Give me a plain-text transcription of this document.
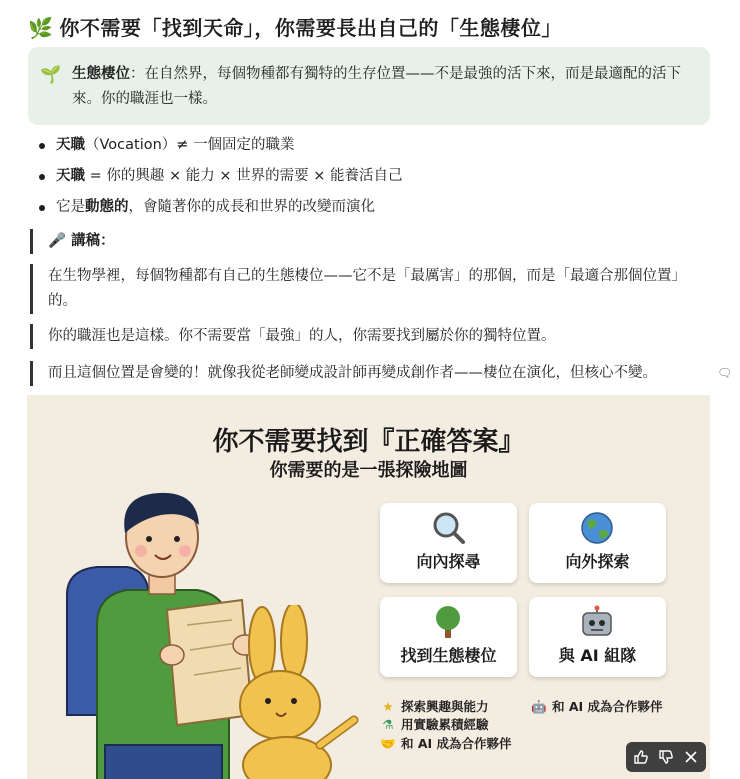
🌿 你不需要「找到天命」，你需要長出自己的「生態棲位」
🌱 生態棲位：在自然界，每個物種都有獨特的生存位置——不是最強的活下來，而是最適配的活下來。你的職涯也一樣。
天職（Vocation）≠ 一個固定的職業
天職 = 你的興趣 × 能力 × 世界的需要 × 能養活自己
它是動態的，會隨著你的成長和世界的改變而演化
🎤 講稿：
在生物學裡，每個物種都有自己的生態棲位——它不是「最厲害」的那個，而是「最適合那個位置」的。
你的職涯也是這樣。你不需要當「最強」的人，你需要找到屬於你的獨特位置。
而且這個位置是會變的！就像我從老師變成設計師再變成創作者——棲位在演化，但核心不變。	🗨
你不需要找到『正確答案』
你需要的是一張探險地圖
向內探尋	向外探索
找到生態棲位	與 AI 組隊
★ 探索興趣與能力
⚗ 用實驗累積經驗
🤝 和 AI 成為合作夥伴
🤖 和 AI 成為合作夥伴
